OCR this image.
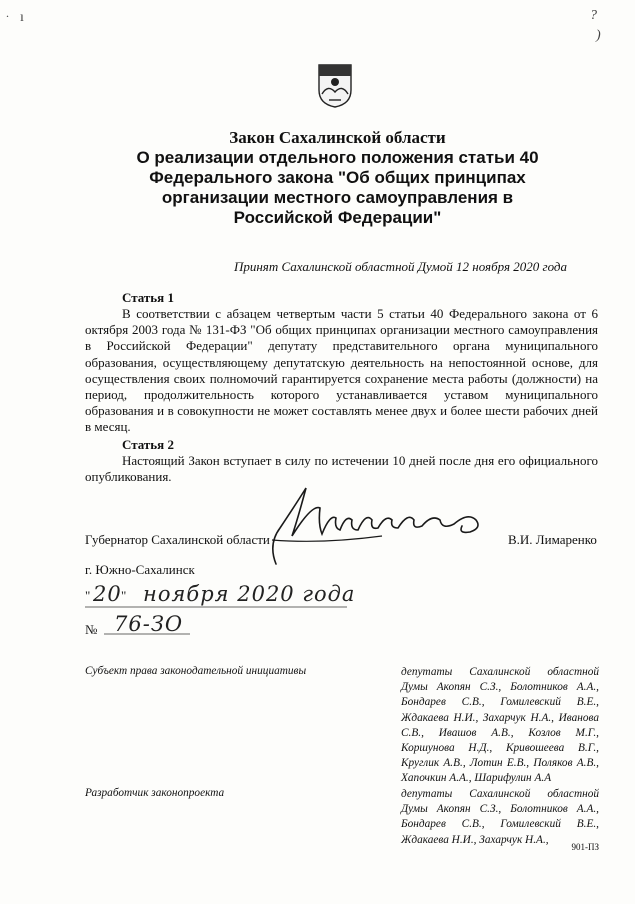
. ı	?
)
Закон Сахалинской области
О реализации отдельного положения статьи 40
Федерального закона "Об общих принципах
организации местного самоуправления в
Российской Федерации"
Принят Сахалинской областной Думой 12 ноября 2020 года
Статья 1

В соответствии с абзацем четвертым части 5 статьи 40 Федерального закона от 6 октября 2003 года № 131-ФЗ "Об общих принципах организации местного самоуправления в Российской Федерации" депутату представительного органа муниципального образования, осуществляющему депутатскую деятельность на непостоянной основе, для осуществления своих полномочий гарантируется сохранение места работы (должности) на период, продолжительность которого устанавливается уставом муниципального образования и в совокупности не может составлять менее двух и более шести рабочих дней в месяц.

Статья 2

Настоящий Закон вступает в силу по истечении 10 дней после дня его официального опубликования.

Губернатор Сахалинской области	В.И. Лимаренко
г. Южно-Сахалинск
" 20 " ноября 2020 года
№ 76-ЗО
Субъект права законодательной инициативы	депутаты Сахалинской областной Думы Акопян С.З., Болотников А.А., Бондарев С.В., Гомилевский В.Е., Ждакаева Н.И., Захарчук Н.А., Иванова С.В., Ивашов А.В., Козлов М.Г., Коршунова Н.Д., Кривошеева В.Г., Круглик А.В., Лотин Е.В., Поляков А.В., Хапочкин А.А., Шарифулин А.А

Разработчик законопроекта	депутаты Сахалинской областной Думы Акопян С.З., Болотников А.А., Бондарев С.В., Гомилевский В.Е., Ждакаева Н.И., Захарчук Н.А.,

901-ПЗ
